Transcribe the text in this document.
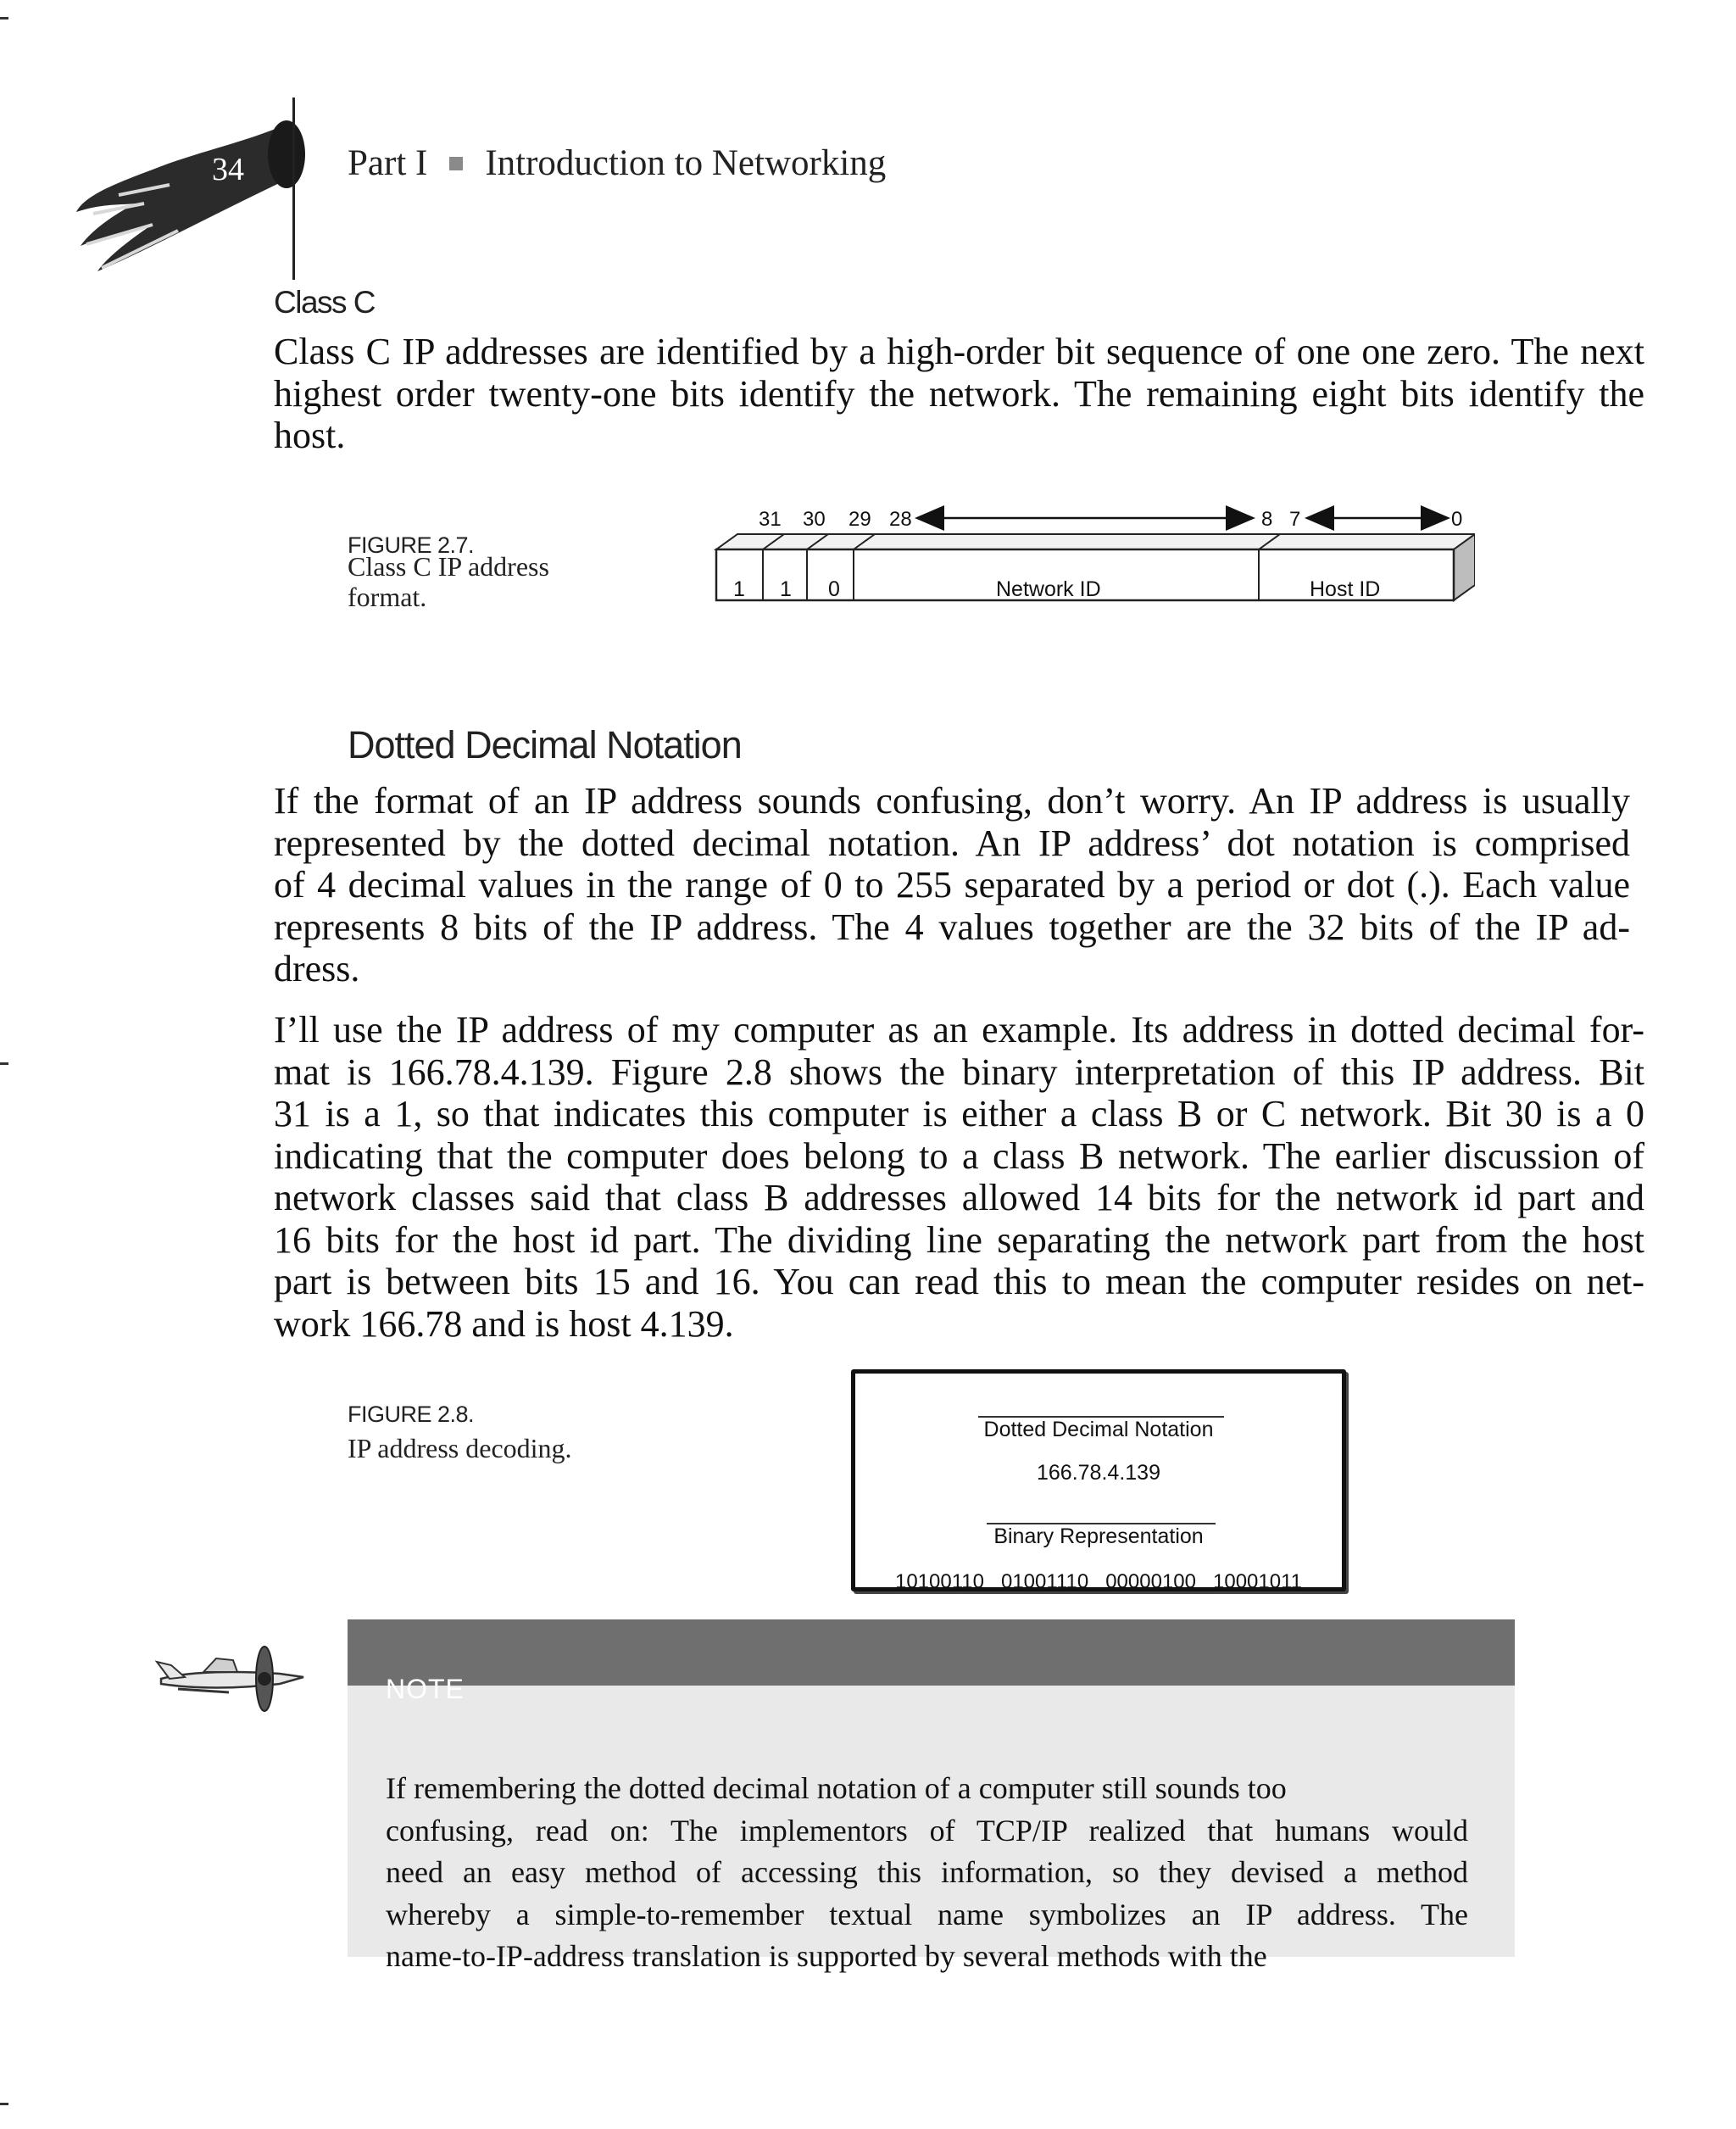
34	Part I Introduction to Networking
Class C

Class C IP addresses are identified by a high-order bit sequence of one one zero. The next
highest order twenty-one bits identify the network. The remaining eight bits identify the
host.

FIGURE 2.7.
Class C IP address format.
31 30 29 28	8 7	0
1 1 0	Network ID	Host ID
Dotted Decimal Notation

If the format of an IP address sounds confusing, don’t worry. An IP address is usually
represented by the dotted decimal notation. An IP address’ dot notation is comprised
of 4 decimal values in the range of 0 to 255 separated by a period or dot (.). Each value
represents 8 bits of the IP address. The 4 values together are the 32 bits of the IP ad-
dress.

I’ll use the IP address of my computer as an example. Its address in dotted decimal for-
mat is 166.78.4.139. Figure 2.8 shows the binary interpretation of this IP address. Bit
31 is a 1, so that indicates this computer is either a class B or C network. Bit 30 is a 0
indicating that the computer does belong to a class B network. The earlier discussion of
network classes said that class B addresses allowed 14 bits for the network id part and
16 bits for the host id part. The dividing line separating the network part from the host
part is between bits 15 and 16. You can read this to mean the computer resides on net-
work 166.78 and is host 4.139.

FIGURE 2.8.
IP address decoding.
Dotted Decimal Notation
166.78.4.139
Binary Representation
10100110   01001110   00000100   10001011
NOTE

If remembering the dotted decimal notation of a computer still sounds too
confusing, read on: The implementors of TCP/IP realized that humans would
need an easy method of accessing this information, so they devised a method
whereby a simple-to-remember textual name symbolizes an IP address. The
name-to-IP-address translation is supported by several methods with the
